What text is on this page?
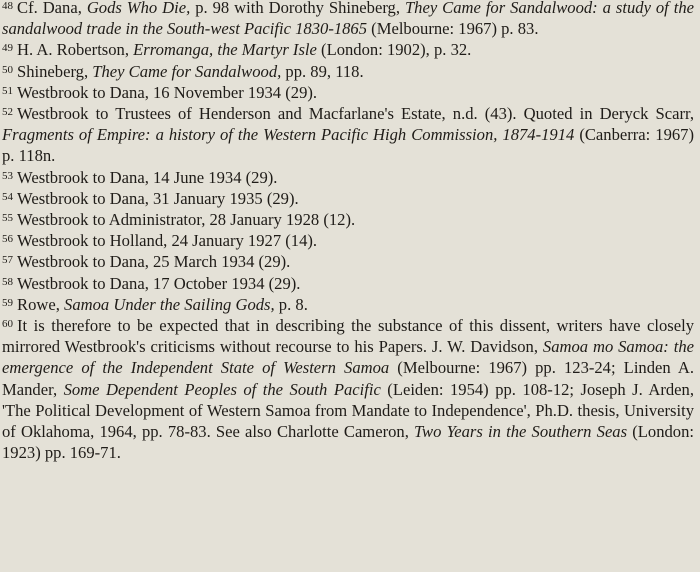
$^{48}$ Cf. Dana, Gods Who Die, p. 98 with Dorothy Shineberg, They Came for Sandalwood: a study of the sandalwood trade in the South-west Pacific 1830-1865 (Melbourne: 1967) p. 83.
$^{49}$ H. A. Robertson, Erromanga, the Martyr Isle (London: 1902), p. 32.
$^{50}$ Shineberg, They Came for Sandalwood, pp. 89, 118.
$^{51}$ Westbrook to Dana, 16 November 1934 (29).
$^{52}$ Westbrook to Trustees of Henderson and Macfarlane's Estate, n.d. (43). Quoted in Deryck Scarr, Fragments of Empire: a history of the Western Pacific High Commission, 1874-1914 (Canberra: 1967) p. 118n.
$^{53}$ Westbrook to Dana, 14 June 1934 (29).
$^{54}$ Westbrook to Dana, 31 January 1935 (29).
$^{55}$ Westbrook to Administrator, 28 January 1928 (12).
$^{56}$ Westbrook to Holland, 24 January 1927 (14).
$^{57}$ Westbrook to Dana, 25 March 1934 (29).
$^{58}$ Westbrook to Dana, 17 October 1934 (29).
$^{59}$ Rowe, Samoa Under the Sailing Gods, p. 8.
$^{60}$ It is therefore to be expected that in describing the substance of this dissent, writers have closely mirrored Westbrook's criticisms without recourse to his Papers. J. W. Davidson, Samoa mo Samoa: the emergence of the Independent State of Western Samoa (Melbourne: 1967) pp. 123-24; Linden A. Mander, Some Dependent Peoples of the South Pacific (Leiden: 1954) pp. 108-12; Joseph J. Arden, 'The Political Development of Western Samoa from Mandate to Independence', Ph.D. thesis, University of Oklahoma, 1964, pp. 78-83. See also Charlotte Cameron, Two Years in the Southern Seas (London: 1923) pp. 169-71.
